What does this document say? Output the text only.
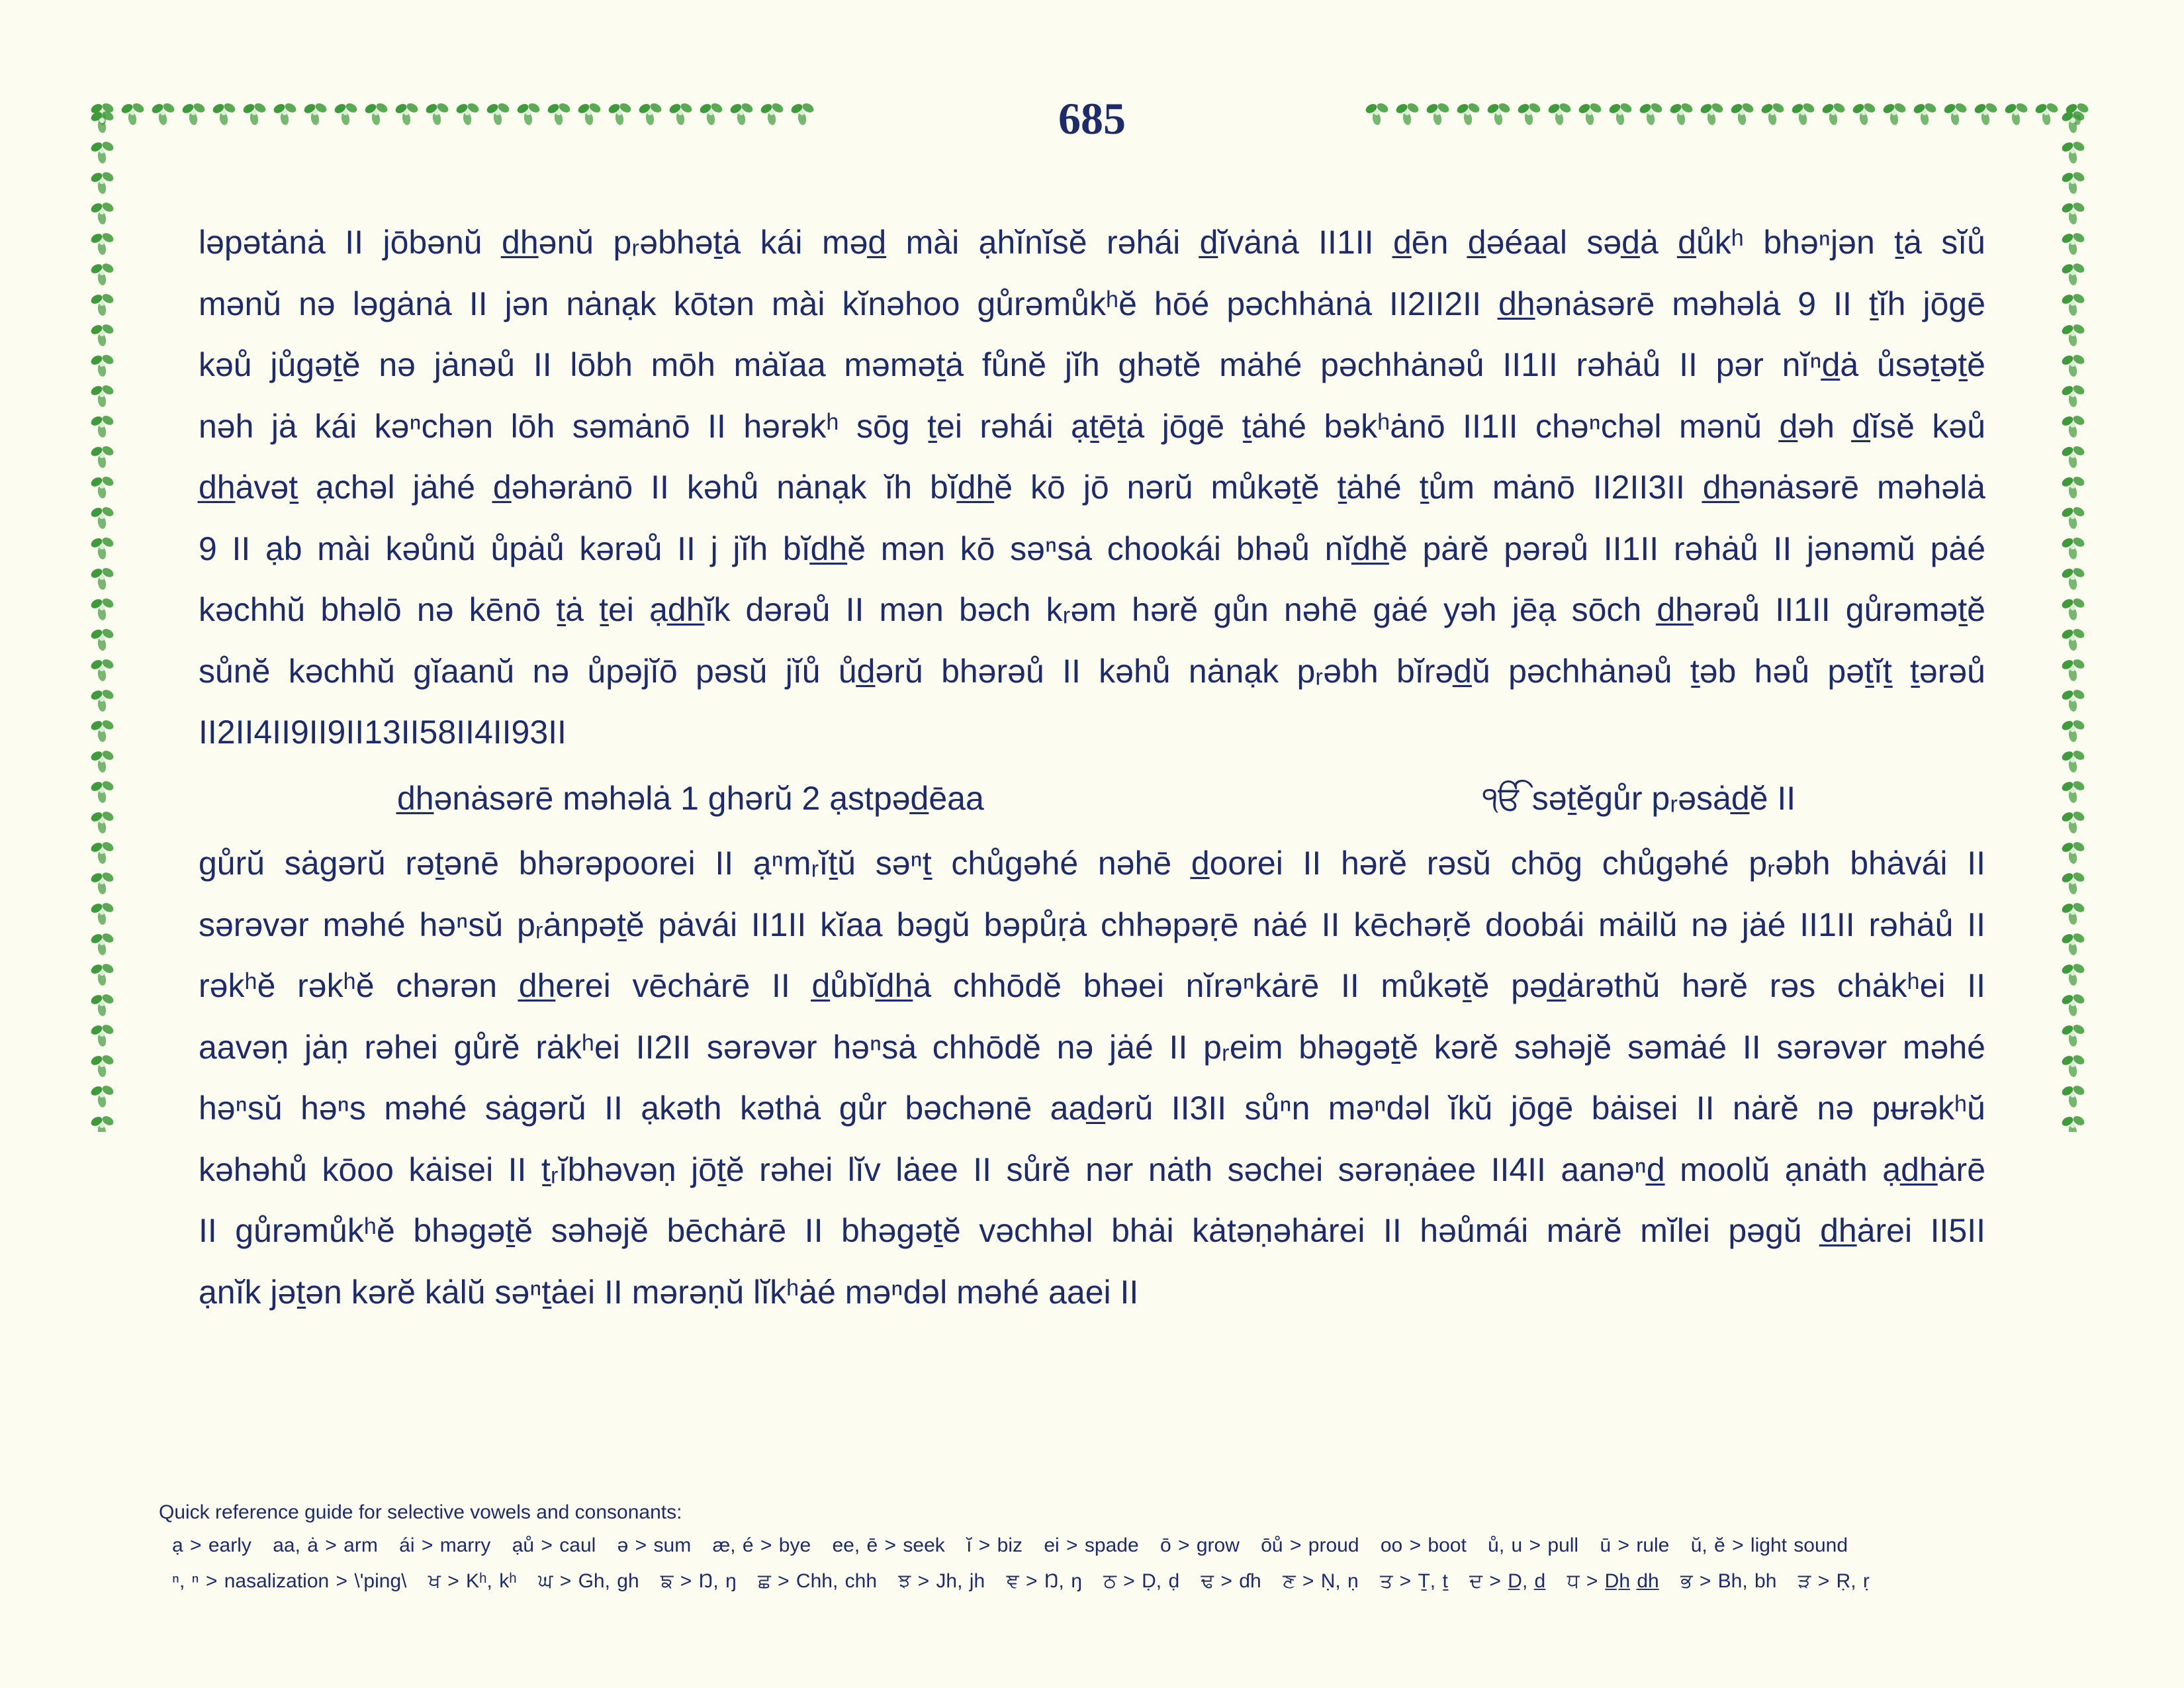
685
ləpətȧnȧ II jōbənŭ d̲h̲ənŭ pᵣəbhəṯȧ kái məd̲ mài ạhĭnĭsĕ rəhái d̲ĭvȧnȧ II1II d̲ēn d̲əéaal səd̲ȧ d̲ůkʰ bhəⁿjən ṯȧ sĭů
mənŭ nə ləgȧnȧ II jən nȧnạk kōtən mài kĭnəhoo gůrəmůkʰĕ hōé pəchhȧnȧ II2II2II d̲h̲ənȧsərē məhəlȧ 9 II ṯĭh jōgē
kəů jůgəṯĕ nə jȧnəů II lōbh mōh mȧĭaa məməṯȧ fůnĕ jĭh ghətĕ mȧhé pəchhȧnəů II1II rəhȧů II pər nĭⁿd̲ȧ ůsəṯəṯĕ
nəh jȧ kái kəⁿchən lōh səmȧnō II hərəkʰ sōg ṯei rəhái ạṯēṯȧ jōgē ṯȧhé bəkʰȧnō II1II chəⁿchəl mənŭ d̲əh d̲ĭsĕ kəů
d̲h̲ȧvəṯ ạchəl jȧhé d̲əhərȧnō II kəhů nȧnạk ĭh bĭd̲h̲ĕ kō jō nərŭ můkəṯĕ ṯȧhé ṯům mȧnō II2II3II d̲h̲ənȧsərē məhəlȧ
9 II ạb mài kəůnŭ ůpȧů kərəů II j jĭh bĭd̲h̲ĕ mən kō səⁿsȧ chookái bhəů nĭd̲h̲ĕ pȧrĕ pərəů II1II rəhȧů II jənəmŭ pȧé
kəchhŭ bhəlō nə kēnō ṯȧ ṯei ạd̲h̲ĭk dərəů II mən bəch kᵣəm hərĕ gůn nəhē gȧé yəh jēạ sōch d̲h̲ərəů II1II gůrəməṯĕ
sůnĕ kəchhŭ gĭaanŭ nə ůpəjĭō pəsŭ jĭů ůd̲ərŭ bhərəů II kəhů nȧnạk pᵣəbh bĭrəd̲ŭ pəchhȧnəů ṯəb həů pəṯĭṯ ṯərəů
II2II4II9II9II13II58II4II93II
d̲h̲ənȧsərē məhəlȧ 1 ghərŭ 2 ạstpəd̲ēaa	ੴ səṯĕgůr pᵣəsȧd̲ĕ II
gůrŭ sȧgərŭ rəṯənē bhərəpoorei II ạⁿmᵣĭṯŭ səⁿṯ chůgəhé nəhē d̲oorei II hərĕ rəsŭ chōg chůgəhé pᵣəbh bhȧvái II
sərəvər məhé həⁿsŭ pᵣȧnpəṯĕ pȧvái II1II kĭaa bəgŭ bəpůṛȧ chhəpəṛē nȧé II kēchəṛĕ doobái mȧilŭ nə jȧé II1II rəhȧů II
rəkʰĕ rəkʰĕ chərən d̲h̲erei vēchȧrē II d̲ůbĭd̲h̲ȧ chhōdĕ bhəei nĭrəⁿkȧrē II můkəṯĕ pəd̲ȧrəthŭ hərĕ rəs chȧkʰei II
aavəṇ jȧṇ rəhei gůrĕ rȧkʰei II2II sərəvər həⁿsȧ chhōdĕ nə jȧé II pᵣeim bhəgəṯĕ kərĕ səhəjĕ səmȧé II sərəvər məhé
həⁿsŭ həⁿs məhé sȧgərŭ II ạkəth kəthȧ gůr bəchənē aad̲ərŭ II3II sůⁿn məⁿdəl ĭkŭ jōgē bȧisei II nȧrĕ nə pᵾrəkʰŭ
kəhəhů kōoo kȧisei II ṯᵣĭbhəvəṇ jōṯĕ rəhei lĭv lȧee II sůrĕ nər nȧth səchei sərəṇȧee II4II aanəⁿd̲ moolŭ ạnȧth ạd̲h̲ȧrē
II gůrəmůkʰĕ bhəgəṯĕ səhəjĕ bēchȧrē II bhəgəṯĕ vəchhəl bhȧi kȧtəṇəhȧrei II həůmái mȧrĕ mĭlei pəgŭ d̲h̲ȧrei II5II
ạnĭk jəṯən kərĕ kȧlŭ səⁿṯȧei II mərəṇŭ lĭkʰȧé məⁿdəl məhé aaei II
Quick reference guide for selective vowels and consonants:
ạ > early aa, ȧ > arm ái > marry ạů > caul ə > sum æ, é > bye ee, ē > seek ĭ > biz ei > spade ō > grow ōů > proud oo > boot ů, u > pull ū > rule ŭ, ĕ > light sound
ⁿ, ⁿ > nasalization > \'ping\ ਖ > Kʰ, kʰ ਘ > Gh, gh ਙ > Ŋ, ŋ ਛ > Chh, chh ਝ > Jh, jh ਞ > Ŋ, ŋ ਠ > Ḍ, ḍ ਢ > ɗh ਣ > Ṇ, ṇ ਤ > Ṯ, ṯ ਦ > D̲, d̲ ਧ > D̲h̲ d̲h̲ ਭ > Bh, bh ੜ > Ṛ, ṛ
